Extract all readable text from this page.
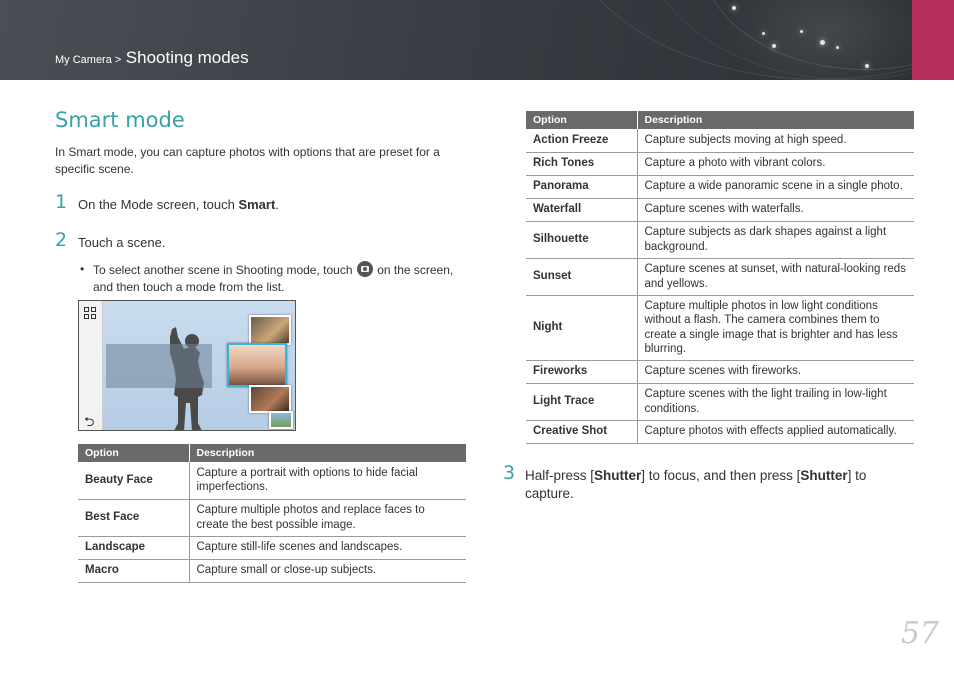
My Camera > Shooting modes
Smart mode

In Smart mode, you can capture photos with options that are preset for a specific scene.

1 On the Mode screen, touch Smart.
2 Touch a scene.
• To select another scene in Shooting mode, touch on the screen, and then touch a mode from the list.
⮌
Option	Description
Beauty Face	Capture a portrait with options to hide facial imperfections.
Best Face	Capture multiple photos and replace faces to create the best possible image.
Landscape	Capture still-life scenes and landscapes.
Macro	Capture small or close-up subjects.
Option	Description
Action Freeze	Capture subjects moving at high speed.
Rich Tones	Capture a photo with vibrant colors.
Panorama	Capture a wide panoramic scene in a single photo.
Waterfall	Capture scenes with waterfalls.
Silhouette	Capture subjects as dark shapes against a light background.
Sunset	Capture scenes at sunset, with natural-looking reds and yellows.
Night	Capture multiple photos in low light conditions without a flash. The camera combines them to create a single image that is brighter and has less blurring.
Fireworks	Capture scenes with fireworks.
Light Trace	Capture scenes with the light trailing in low-light conditions.
Creative Shot	Capture photos with effects applied automatically.
3 Half-press [Shutter] to focus, and then press [Shutter] to capture.
57
